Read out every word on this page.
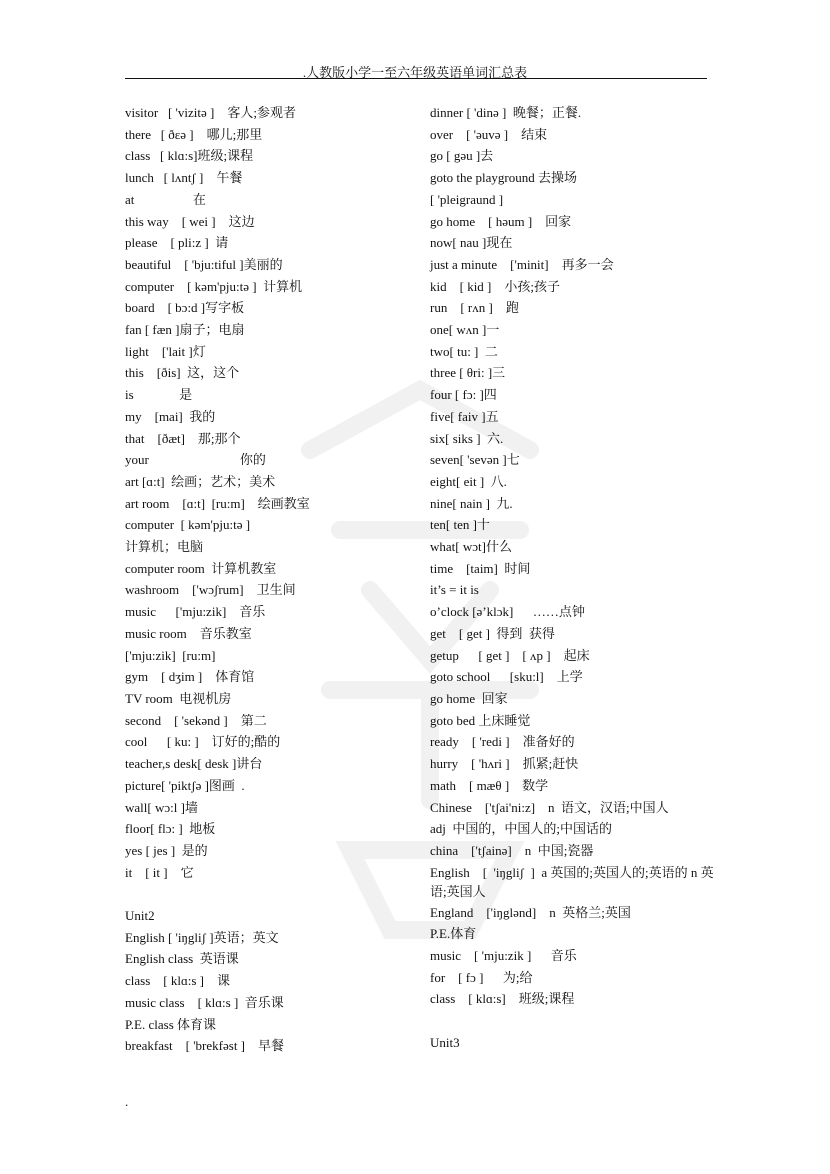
.人教版小学一至六年级英语单词汇总表
visitor   [ 'vizitə ]    客人;参观者
there   [ ðεə ]    哪儿;那里
class   [ klɑ:s]班级;课程
lunch   [ lʌntʃ ]    午餐
at                  在
this way    [ wei ]    这边
please    [ pli:z ]  请
beautiful    [ 'bju:tiful ]美丽的
computer    [ kəm'pju:tə ]  计算机
board    [ bɔ:d ]写字板
fan [ fæn ]扇子；电扇
light    ['lait ]灯
this    [ðis]  这，这个
is              是
my    [mai]  我的
that    [ðæt]    那;那个
your                            你的
art [ɑ:t]  绘画；艺术；美术
art room    [ɑ:t]  [ru:m]    绘画教室
computer  [ kəm'pju:tə ]
计算机；电脑
computer room  计算机教室
washroom    ['wɔʃrum]    卫生间
music      ['mju:zik]    音乐
music room    音乐教室
['mju:zik]  [ru:m]
gym    [ dʒim ]    体育馆
TV room  电视机房
second    [ 'sekənd ]    第二
cool      [ ku: ]    订好的;酷的
teacher,s desk[ desk ]讲台
picture[ 'piktʃə ]图画  .
wall[ wɔ:l ]墙
floor[ flɔ: ]  地板
yes [ jes ]  是的
it    [ it ]    它
Unit2
English [ 'iŋgliʃ ]英语；英文
English class  英语课
class    [ klɑ:s ]    课
music class    [ klɑ:s ]  音乐课
P.E. class 体育课
breakfast    [ 'brekfəst ]    早餐
dinner [ 'dinə ]  晚餐；正餐.
over    [ 'əuvə ]    结束
go [ gəu ]去
goto the playground 去操场
[ 'pleigraund ]
go home    [ həum ]    回家
now[ nau ]现在
just a minute    ['minit]    再多一会
kid    [ kid ]    小孩;孩子
run    [ rʌn ]    跑
one[ wʌn ]一
two[ tu: ]  二
three [ θri: ]三
four [ fɔ: ]四
five[ faiv ]五
six[ siks ]  六.
seven[ 'sevən ]七
eight[ eit ]  八.
nine[ nain ]  九.
ten[ ten ]十
what[ wɔt]什么
time    [taim]  时间
it’s = it is
o’clock [ə’klɔk]      ……点钟
get    [ get ]  得到  获得
getup      [ get ]    [ ʌp ]    起床
goto school      [sku:l]    上学
go home  回家
goto bed 上床睡觉
ready    [ 'redi ]    准备好的
hurry    [ 'hʌri ]    抓紧;赶快
math    [ mæθ ]    数学
Chinese    ['tʃai'ni:z]    n  语文，汉语;中国人
adj  中国的，中国人的;中国话的
china    ['tʃainə]    n  中国;瓷器
English    [  'iŋgliʃ  ]  a 英国的;英国人的;英语的 n 英语;英国人
England    ['iŋglənd]    n  英格兰;英国
P.E.体育
music    [ 'mju:zik ]      音乐
for    [ fɔ ]      为;给
class    [ klɑ:s]    班级;课程
Unit3
.
